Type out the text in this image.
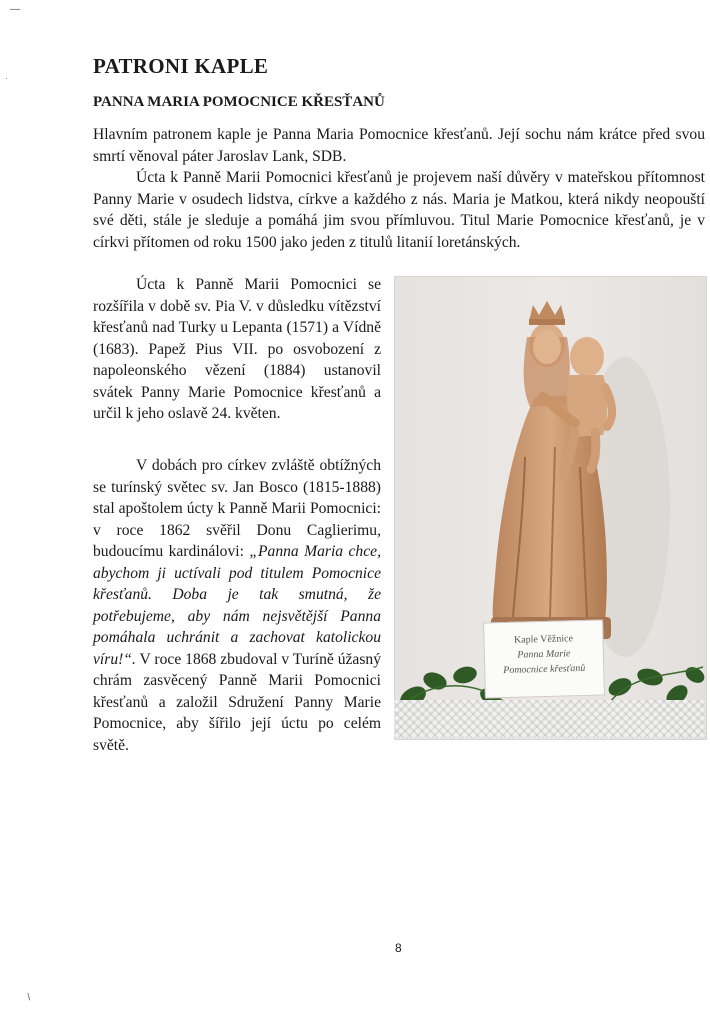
—
·
/
PATRONI KAPLE
PANNA MARIA POMOCNICE KŘESŤANŮ

Hlavním patronem kaple je Panna Maria Pomocnice křesťanů. Její sochu nám krátce před svou smrtí věnoval páter Jaroslav Lank, SDB.

Úcta k Panně Marii Pomocnici křesťanů je projevem naší důvěry v mateřskou přítomnost Panny Marie v osudech lidstva, církve a každého z nás. Maria je Matkou, která nikdy neopouští své děti, stále je sleduje a pomáhá jim svou přímluvou. Titul Marie Pomocnice křesťanů, je v církvi přítomen od roku 1500 jako jeden z titulů litanií loretánských.

Úcta k Panně Marii Pomocnici se rozšířila v době sv. Pia V. v důsledku vítězství křesťanů nad Turky u Lepanta (1571) a Vídně (1683). Papež Pius VII. po osvobození z napoleonského vězení (1884) ustanovil svátek Panny Marie Pomocnice křesťanů a určil k jeho oslavě 24. květen.

V dobách pro církev zvláště obtížných se turínský světec sv. Jan Bosco (1815-1888) stal apoštolem úcty k Panně Marii Pomocnici: v roce 1862 svěřil Donu Caglierimu, budoucímu kardinálovi: „Panna Maria chce, abychom ji uctívali pod titulem Pomocnice křesťanů. Doba je tak smutná, že potřebujeme, aby nám nejsvětější Panna pomáhala uchránit a zachovat katolickou víru!“. V roce 1868 zbudoval v Turíně úžasný chrám zasvěcený Panně Marii Pomocnici křesťanů a založil Sdružení Panny Marie Pomocnice, aby šířilo její úctu po celém světě.

Kaple Věžnice
Panna Marie
Pomocnice křesťanů
8
